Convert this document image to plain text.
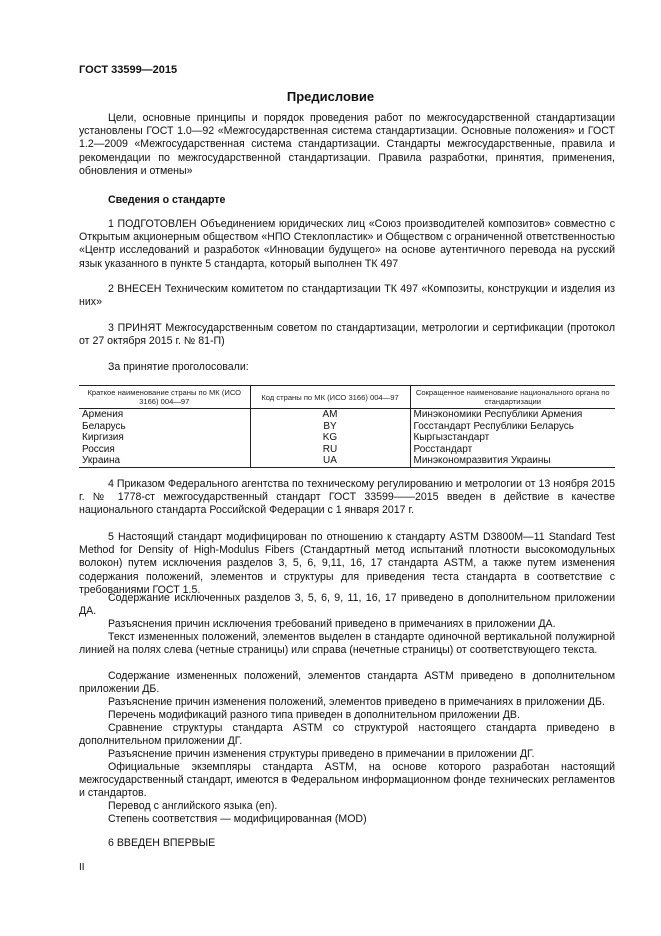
ГОСТ 33599—2015
Предисловие

Цели, основные принципы и порядок проведения работ по межгосударственной стандартизации установлены ГОСТ 1.0—92 «Межгосударственная система стандартизации. Основные положения» и ГОСТ 1.2—2009 «Межгосударственная система стандартизации. Стандарты межгосударственные, правила и рекомендации по межгосударственной стандартизации. Правила разработки, принятия, применения, обновления и отмены»

Сведения о стандарте

1 ПОДГОТОВЛЕН Объединением юридических лиц «Союз производителей композитов» совместно с Открытым акционерным обществом «НПО Стеклопластик» и Обществом с ограниченной ответственностью «Центр исследований и разработок «Инновации будущего» на основе аутентичного перевода на русский язык указанного в пункте 5 стандарта, который выполнен ТК 497

2 ВНЕСЕН Техническим комитетом по стандартизации ТК 497 «Композиты, конструкции и изделия из них»

3 ПРИНЯТ Межгосударственным советом по стандартизации, метрологии и сертификации (протокол от 27 октября 2015 г. № 81-П)

За принятие проголосовали:

Краткое наименование страны по МК (ИСО 3166) 004—97	Код страны по МК (ИСО 3166) 004—97	Сокращенное наименование национального органа по стандартизации
Армения	AM	Минэкономики Республики Армения
Беларусь	BY	Госстандарт Республики Беларусь
Киргизия	KG	Кыргызстандарт
Россия	RU	Росстандарт
Украина	UA	Минэкономразвития Украины

4 Приказом Федерального агентства по техническому регулированию и метрологии от 13 ноября 2015 г. № 1778-ст межгосударственный стандарт ГОСТ 33599——2015 введен в действие в качестве национального стандарта Российской Федерации с 1 января 2017 г.

5 Настоящий стандарт модифицирован по отношению к стандарту ASTM D3800M—11 Standard Test Method for Density of High-Modulus Fibers (Стандартный метод испытаний плотности высокомодульных волокон) путем исключения разделов 3, 5, 6, 9,11, 16, 17 стандарта ASTM, а также путем изменения содержания положений, элементов и структуры для приведения теста стандарта в соответствие с требованиями ГОСТ 1.5.

Содержание исключенных разделов 3, 5, 6, 9, 11, 16, 17 приведено в дополнительном приложении ДА.

Разъяснения причин исключения требований приведено в примечаниях в приложении ДА.

Текст измененных положений, элементов выделен в стандарте одиночной вертикальной полужирной линией на полях слева (четные страницы) или справа (нечетные страницы) от соответствующего текста.

Содержание измененных положений, элементов стандарта ASTM приведено в дополнительном приложении ДБ.

Разъяснение причин изменения положений, элементов приведено в примечаниях в приложении ДБ.

Перечень модификаций разного типа приведен в дополнительном приложении ДВ.

Сравнение структуры стандарта ASTM со структурой настоящего стандарта приведено в дополнительном приложении ДГ.

Разъяснение причин изменения структуры приведено в примечании в приложении ДГ.

Официальные экземпляры стандарта ASTM, на основе которого разработан настоящий межгосударственный стандарт, имеются в Федеральном информационном фонде технических регламентов и стандартов.

Перевод с английского языка (en).

Степень соответствия — модифицированная (MOD)

6 ВВЕДЕН ВПЕРВЫЕ

II
